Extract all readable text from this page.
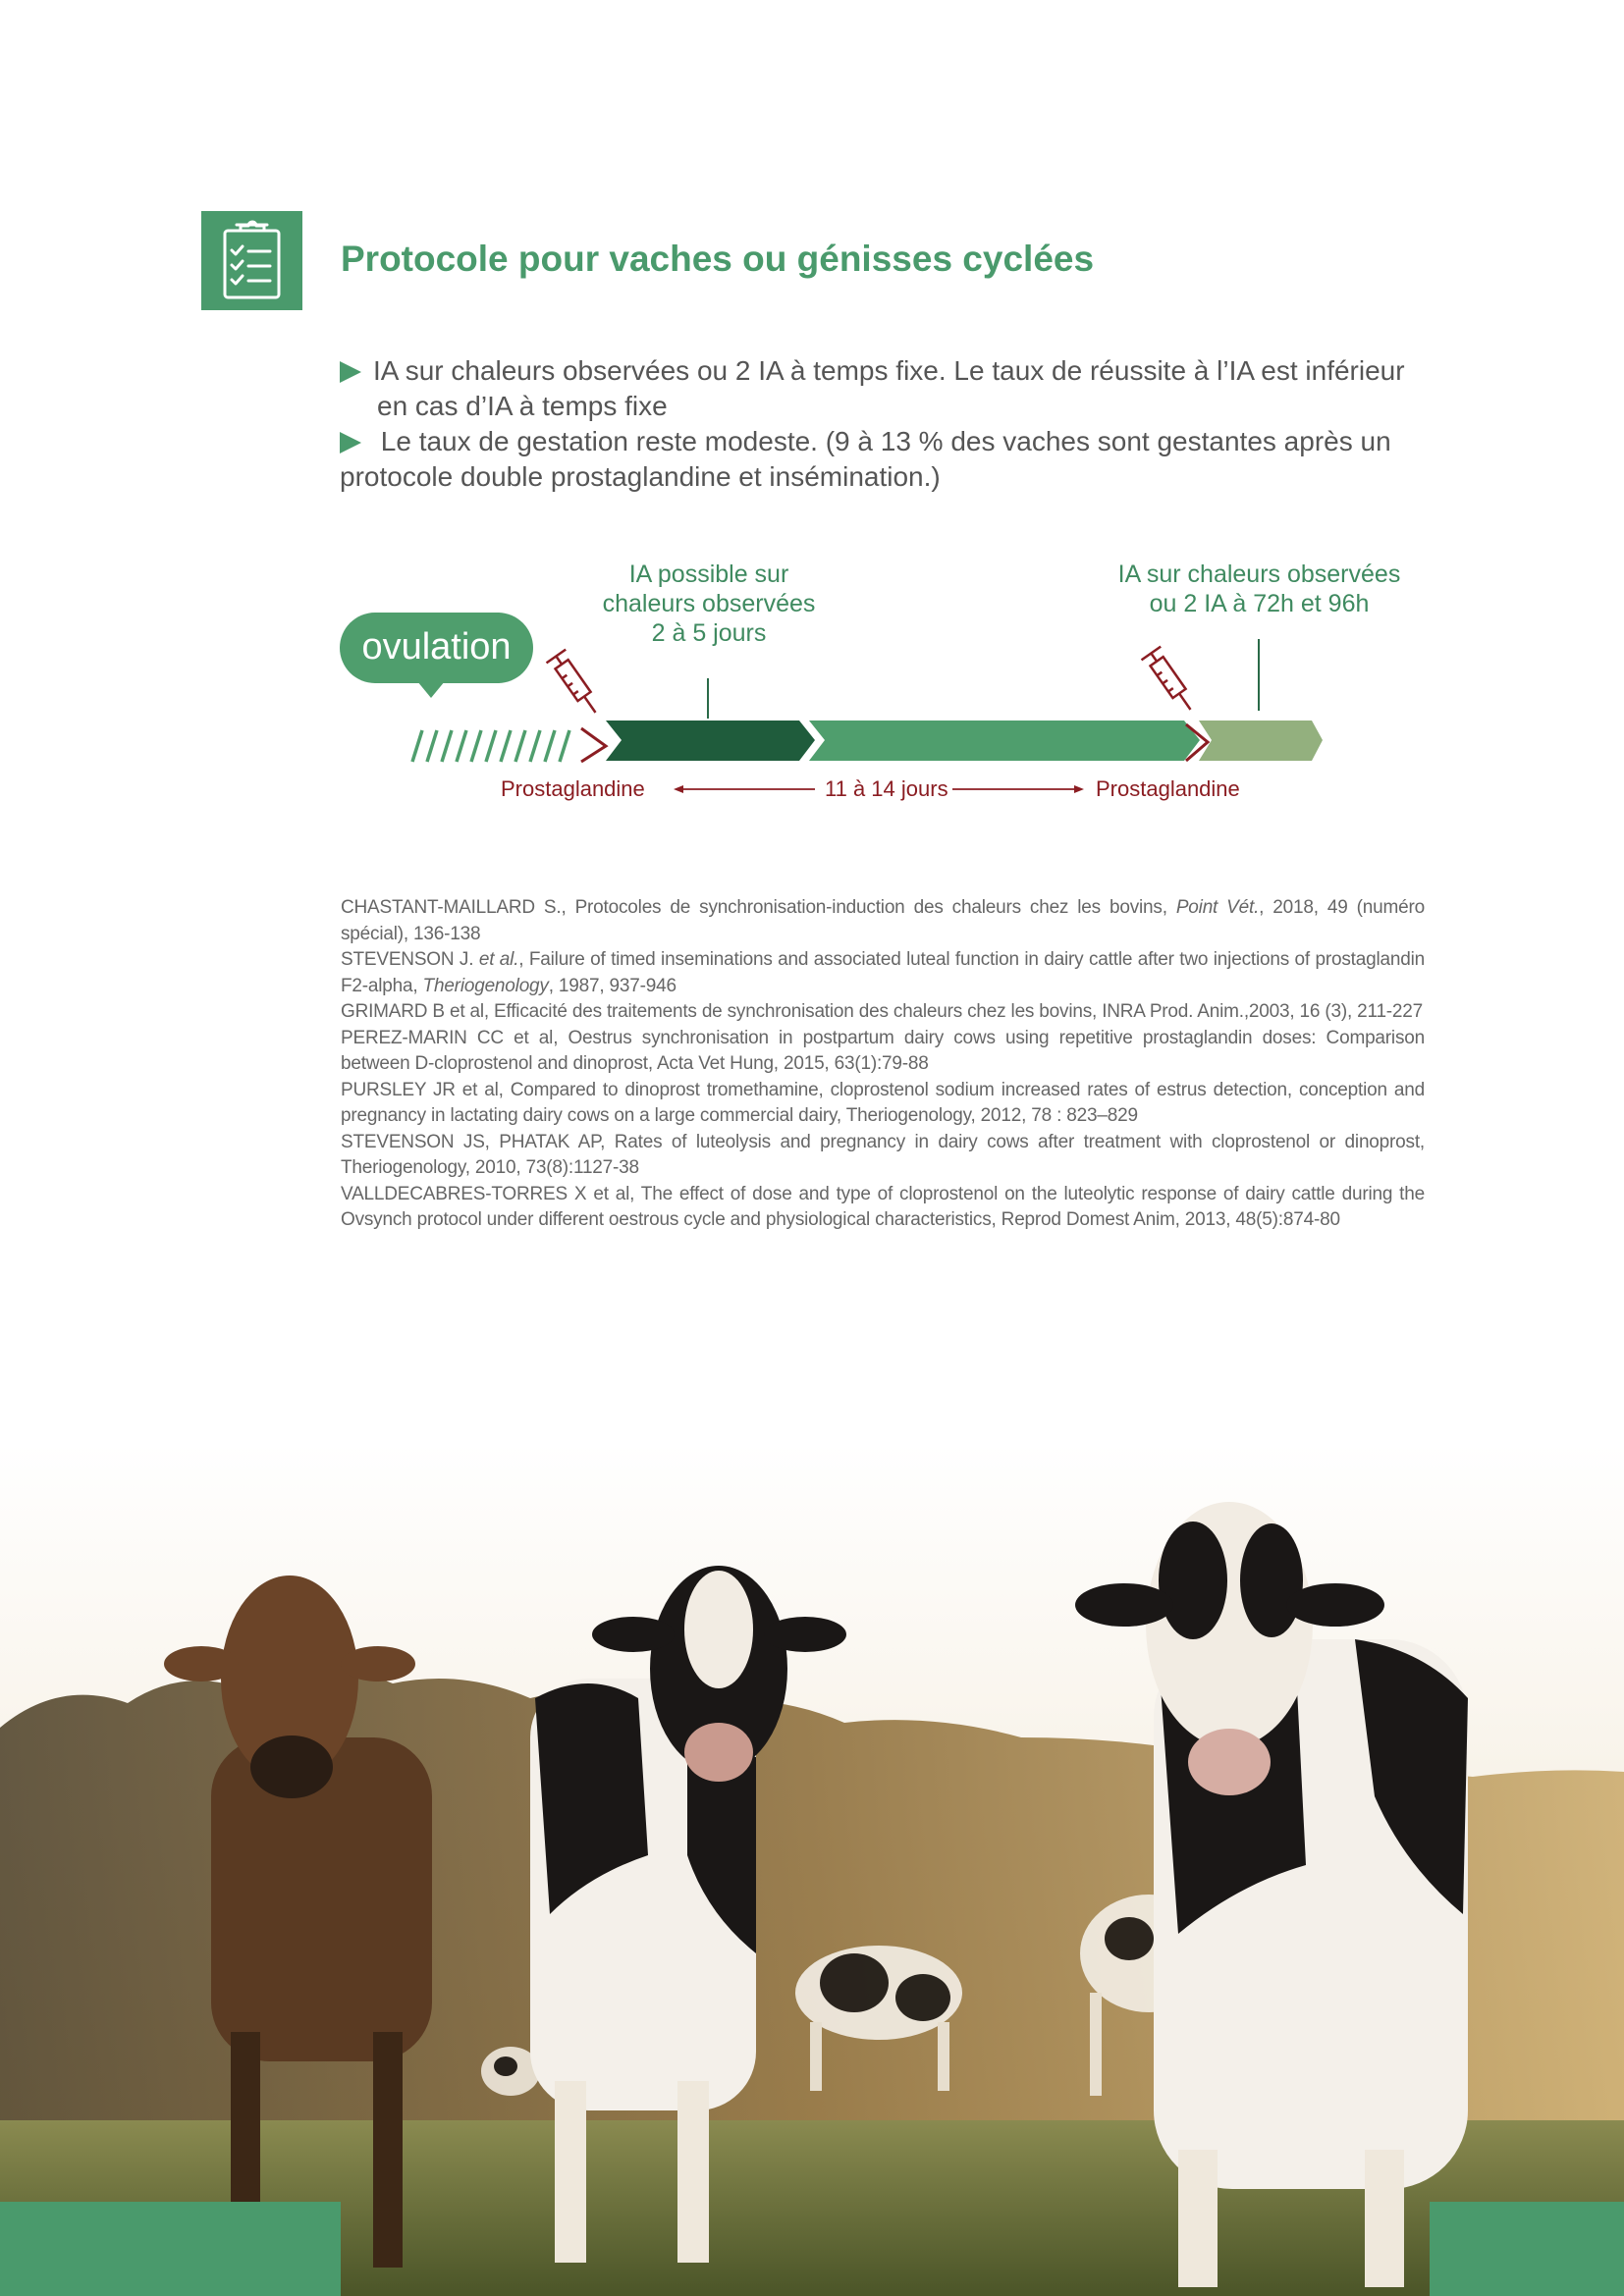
Protocole pour vaches ou génisses cyclées
IA sur chaleurs observées ou 2 IA à temps fixe. Le taux de réussite à l’IA est inférieur en cas d’IA à temps fixe
Le taux de gestation reste modeste. (9 à 13 % des vaches sont gestantes après un protocole double prostaglandine et insémination.)
ovulation
IA possible sur
chaleurs observées
2 à 5 jours
IA sur chaleurs observées
ou 2 IA à 72h et 96h
Prostaglandine	11 à 14 jours	Prostaglandine

CHASTANT-MAILLARD S., Protocoles de synchronisation-induction des chaleurs chez les bovins, Point Vét., 2018, 49 (numéro spécial), 136-138

STEVENSON J. et al., Failure of timed inseminations and associated luteal function in dairy cattle after two injections of prostaglandin F2-alpha, Theriogenology, 1987, 937-946

GRIMARD B et al, Efficacité des traitements de synchronisation des chaleurs chez les bovins, INRA Prod. Anim.,2003, 16 (3), 211-227

PEREZ-MARIN CC et al, Oestrus synchronisation in postpartum dairy cows using repetitive prostaglandin doses: Comparison between D-cloprostenol and dinoprost, Acta Vet Hung, 2015, 63(1):79-88

PURSLEY JR et al, Compared to dinoprost tromethamine, cloprostenol sodium increased rates of estrus detection, conception and pregnancy in lactating dairy cows on a large commercial dairy, Theriogenology, 2012, 78 : 823–829

STEVENSON JS, PHATAK AP, Rates of luteolysis and pregnancy in dairy cows after treatment with cloprostenol or dinoprost, Theriogenology, 2010, 73(8):1127-38

VALLDECABRES-TORRES X et al, The effect of dose and type of cloprostenol on the luteolytic response of dairy cattle during the Ovsynch protocol under different oestrous cycle and physiological characteristics, Reprod Domest Anim, 2013, 48(5):874-80
